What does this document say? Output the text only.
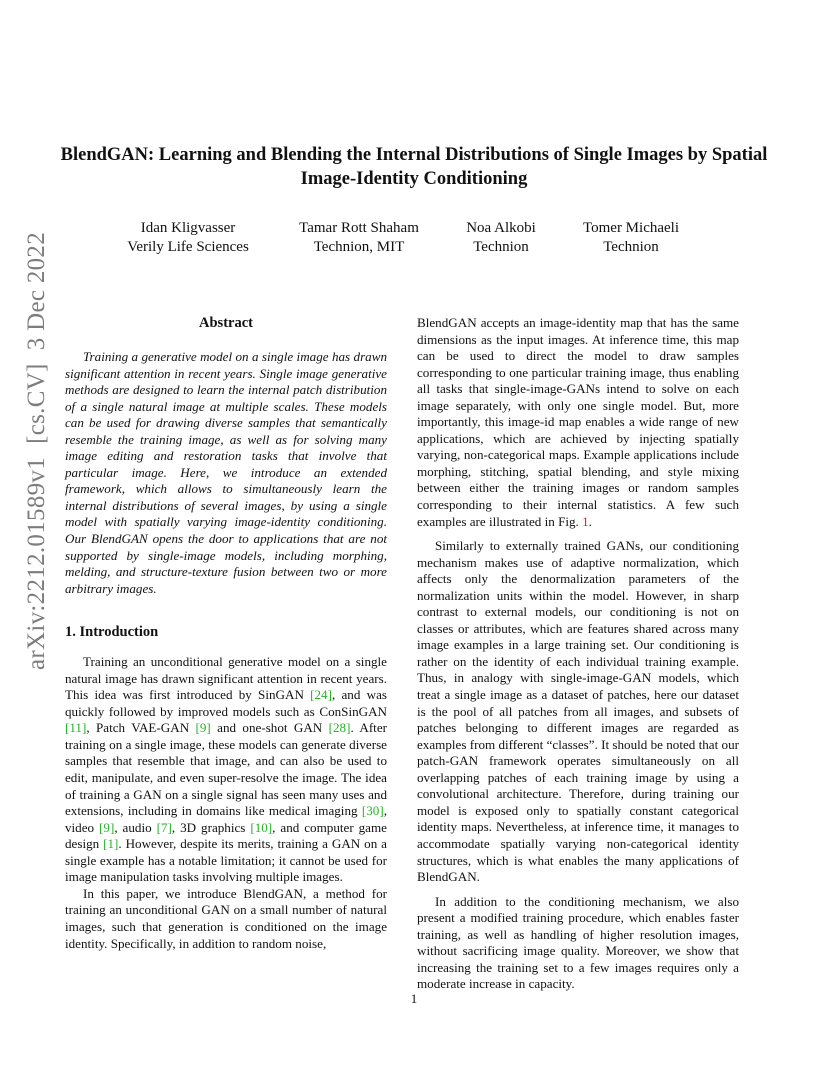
BlendGAN: Learning and Blending the Internal Distributions of Single Images by Spatial Image-Identity Conditioning
Idan Kligvasser
Verily Life Sciences
Tamar Rott Shaham
Technion, MIT
Noa Alkobi
Technion
Tomer Michaeli
Technion
arXiv:2212.01589v1  [cs.CV]  3 Dec 2022	Abstract

Training a generative model on a single image has drawn significant attention in recent years. Single image generative methods are designed to learn the internal patch distribution of a single natural image at multiple scales. These models can be used for drawing diverse samples that semantically resemble the training image, as well as for solving many image editing and restoration tasks that involve that particular image. Here, we introduce an extended framework, which allows to simultaneously learn the internal distributions of several images, by using a single model with spatially varying image-identity conditioning. Our BlendGAN opens the door to applications that are not supported by single-image models, including morphing, melding, and structure-texture fusion between two or more arbitrary images.

1. Introduction

Training an unconditional generative model on a single natural image has drawn significant attention in recent years. This idea was first introduced by SinGAN [24], and was quickly followed by improved models such as ConSinGAN [11], Patch VAE-GAN [9] and one-shot GAN [28]. After training on a single image, these models can generate diverse samples that resemble that image, and can also be used to edit, manipulate, and even super-resolve the image. The idea of training a GAN on a single signal has seen many uses and extensions, including in domains like medical imaging [30], video [9], audio [7], 3D graphics [10], and computer game design [1]. However, despite its merits, training a GAN on a single example has a notable limitation; it cannot be used for image manipulation tasks involving multiple images.

In this paper, we introduce BlendGAN, a method for training an unconditional GAN on a small number of natural images, such that generation is conditioned on the image identity. Specifically, in addition to random noise,

BlendGAN accepts an image-identity map that has the same dimensions as the input images. At inference time, this map can be used to direct the model to draw samples corresponding to one particular training image, thus enabling all tasks that single-image-GANs intend to solve on each image separately, with only one single model. But, more importantly, this image-id map enables a wide range of new applications, which are achieved by injecting spatially varying, non-categorical maps. Example applications include morphing, stitching, spatial blending, and style mixing between either the training images or random samples corresponding to their internal statistics. A few such examples are illustrated in Fig. 1.

Similarly to externally trained GANs, our conditioning mechanism makes use of adaptive normalization, which affects only the denormalization parameters of the normalization units within the model. However, in sharp contrast to external models, our conditioning is not on classes or attributes, which are features shared across many image examples in a large training set. Our conditioning is rather on the identity of each individual training example. Thus, in analogy with single-image-GAN models, which treat a single image as a dataset of patches, here our dataset is the pool of all patches from all images, and subsets of patches belonging to different images are regarded as examples from different “classes”. It should be noted that our patch-GAN framework operates simultaneously on all overlapping patches of each training image by using a convolutional architecture. Therefore, during training our model is exposed only to spatially constant categorical identity maps. Nevertheless, at inference time, it manages to accommodate spatially varying non-categorical identity structures, which is what enables the many applications of BlendGAN.

In addition to the conditioning mechanism, we also present a modified training procedure, which enables faster training, as well as handling of higher resolution images, without sacrificing image quality. Moreover, we show that increasing the training set to a few images requires only a moderate increase in capacity.

1
